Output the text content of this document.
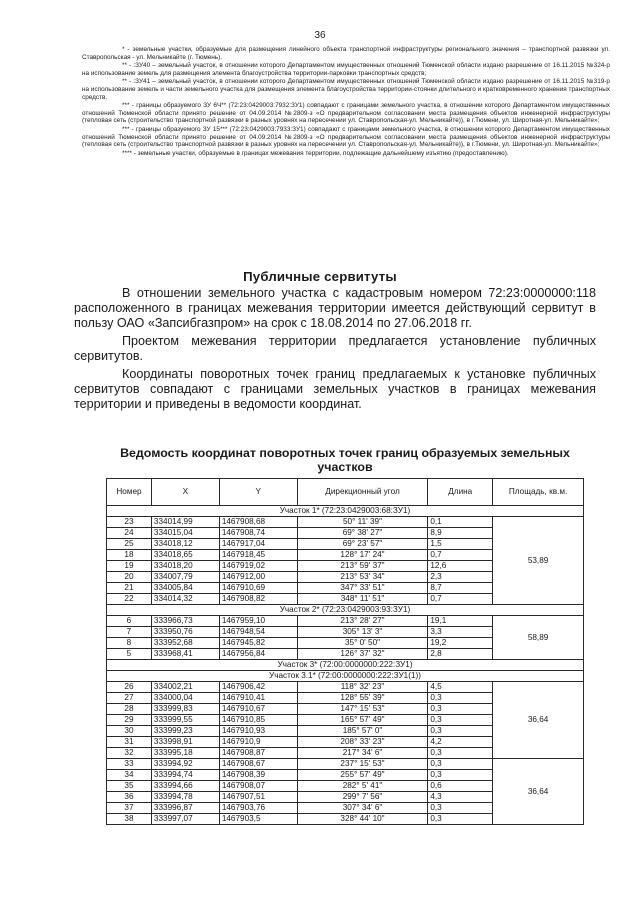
36

* - земельные участки, образуемые для размещения линейного объекта транспортной инфраструктуры регионального значения – транспортной развязки ул. Ставропольская - ул. Мельникайте (г. Тюмень).

** - :ЗУ40 – земельный участок, в отношении которого Департаментом имущественных отношений Тюменской области издано разрешение от 16.11.2015 №324-р на использование земель для размещения элемента благоустройства территории-парковки транспортных средств;

** - :ЗУ41 – земельный участок, в отношении которого Департаментом имущественных отношений Тюменской области издано разрешение от 16.11.2015 №319-р на использование земель и части земельного участка для размещения элемента благоустройства территории-стоянки длительного и кратковременного хранения транспортных средств.

*** - границы образуемого ЗУ 6Ч** (72:23:0429003:7932:ЗУ1) совпадают с границами земельного участка, в отношении которого Департаментом имущественных отношений Тюменской области принято решение от 04.09.2014 №2809-з «О предварительном согласовании места размещения объектов инженерной инфраструктуры (тепловая сеть (строительство транспортной развязки в разных уровнях на пересечении ул. Ставропольская-ул. Мельникайте)), в г.Тюмени, ул. Широтная-ул. Мельникайте»;

*** - границы образуемого ЗУ 15*** (72:23:0429003:7933:ЗУ1) совпадают с границами земельного участка, в отношении которого Департаментом имущественных отношений Тюменской области принято решение от 04.09.2014 №2809-з «О предварительном согласовании места размещения объектов инженерной инфраструктуры (тепловая сеть (строительство транспортной развязки в разных уровнях на пересечении ул. Ставропольская-ул. Мельникайте)), в г.Тюмени, ул. Широтная-ул. Мельникайте»;

**** - земельные участки, образуемые в границах межевания территории, подлежащие дальнейшему изъятию (предоставлению).

Публичные сервитуты

В отношении земельного участка с кадастровым номером 72:23:0000000:118 расположенного в границах межевания территории имеется действующий сервитут в пользу ОАО «Запсибгазпром» на срок с 18.08.2014 по 27.06.2018 гг.

Проектом межевания территории предлагается установление публичных сервитутов.

Координаты поворотных точек границ предлагаемых к установке публичных сервитутов совпадают с границами земельных участков в границах межевания территории и приведены в ведомости координат.

Ведомость координат поворотных точек границ образуемых земельных участков
Номер	X	Y	Дирекционный угол	Длина	Площадь, кв.м.
Участок 1* (72:23:0429003:68:ЗУ1)					
23	334014,99	1467908,68	50° 11' 39"	0,1	53,89
24	334015,04	1467908,74	69° 38' 27"	8,9	
25	334018,12	1467917,04	69° 23' 57"	1,5	
18	334018,65	1467918,45	128° 17' 24"	0,7	
19	334018,20	1467919,02	213° 59' 37"	12,6	
20	334007,79	1467912,00	213° 53' 34"	2,3	
21	334005,84	1467910,69	347° 33' 51"	8,7	
22	334014,32	1467908,82	348° 11' 51"	0,7	
Участок 2* (72:23:0429003:93:ЗУ1)					
6	333966,73	1467959,10	213° 28' 27"	19,1	58,89
7	333950,76	1467948,54	305° 13' 3"	3,3	
8	333952,68	1467945,82	35° 0' 50"	19,2	
5	333968,41	1467956,84	126° 37' 32"	2,8	
Участок 3* (72:00:0000000:222:ЗУ1)					
Участок 3.1* (72:00:0000000:222:ЗУ1(1))					
26	334002,21	1467906,42	118° 32' 23"	4,5	36,64
27	334000,04	1467910,41	128° 55' 39"	0,3	
28	333999,83	1467910,67	147° 15' 53"	0,3	
29	333999,55	1467910,85	165° 57' 49"	0,3	
30	333999,23	1467910,93	185° 57' 0"	0,3	
31	333998,91	1467910,9	208° 33' 23"	4,2	
32	333995,18	1467908,87	217° 34' 6"	0,3	
33	333994,92	1467908,67	237° 15' 53"	0,3	36,64
34	333994,74	1467908,39	255° 57' 49"	0,3	
35	333994,66	1467908,07	282° 5' 41"	0,6	
36	333994,78	1467907,51	299° 7' 56"	4,3	
37	333996,87	1467903,76	307° 34' 6"	0,3	
38	333997,07	1467903,5	328° 44' 10"	0,3	
